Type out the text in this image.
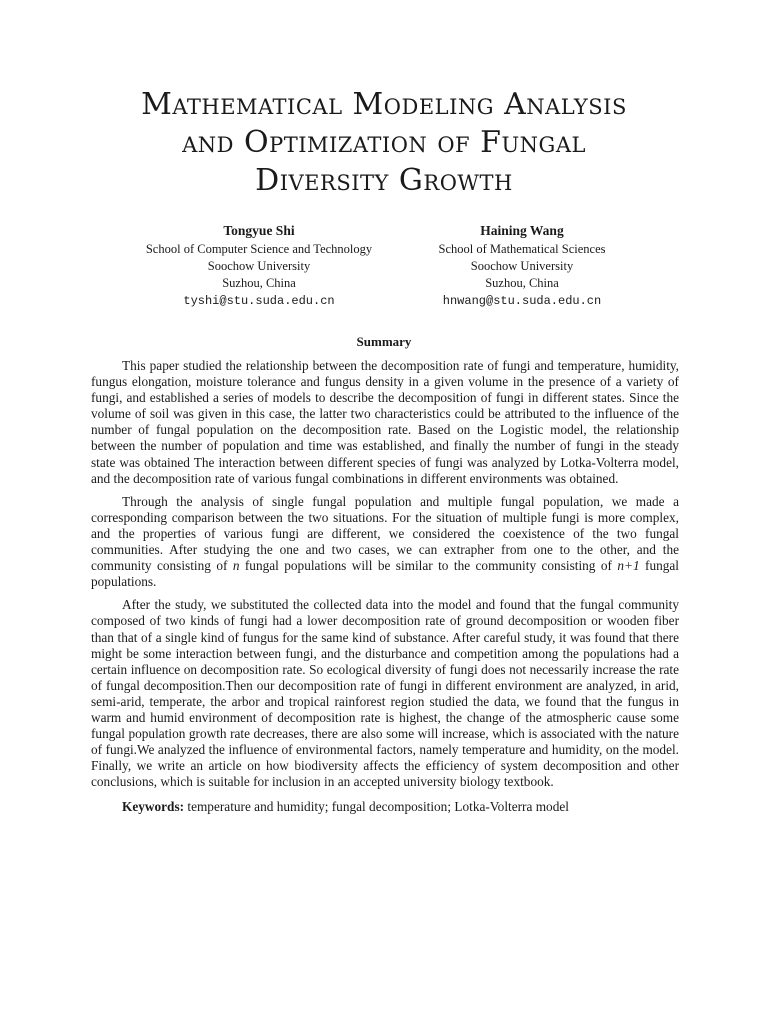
Mathematical Modeling Analysis
and Optimization of Fungal
Diversity Growth
Tongyue Shi
School of Computer Science and Technology
Soochow University
Suzhou, China
tyshi@stu.suda.edu.cn
Haining Wang
School of Mathematical Sciences
Soochow University
Suzhou, China
hnwang@stu.suda.edu.cn
Summary

This paper studied the relationship between the decomposition rate of fungi and temperature, humidity, fungus elongation, moisture tolerance and fungus density in a given volume in the presence of a variety of fungi, and established a series of models to describe the decomposition of fungi in different states. Since the volume of soil was given in this case, the latter two characteristics could be attributed to the influence of the number of fungal population on the decomposition rate. Based on the Logistic model, the relationship between the number of population and time was established, and finally the number of fungi in the steady state was obtained The interaction between different species of fungi was analyzed by Lotka-Volterra model, and the decomposition rate of various fungal combinations in different environments was obtained.

Through the analysis of single fungal population and multiple fungal population, we made a corresponding comparison between the two situations. For the situation of multiple fungi is more complex, and the properties of various fungi are different, we considered the coexistence of the two fungal communities. After studying the one and two cases, we can extrapher from one to the other, and the community consisting of n fungal populations will be similar to the community consisting of n+1 fungal populations.

After the study, we substituted the collected data into the model and found that the fungal community composed of two kinds of fungi had a lower decomposition rate of ground decomposition or wooden fiber than that of a single kind of fungus for the same kind of substance. After careful study, it was found that there might be some interaction between fungi, and the disturbance and competition among the populations had a certain influence on decomposition rate. So ecological diversity of fungi does not necessarily increase the rate of fungal decomposition.Then our decomposition rate of fungi in different environment are analyzed, in arid, semi-arid, temperate, the arbor and tropical rainforest region studied the data, we found that the fungus in warm and humid environment of decomposition rate is highest, the change of the atmospheric cause some fungal population growth rate decreases, there are also some will increase, which is associated with the nature of fungi.We analyzed the influence of environmental factors, namely temperature and humidity, on the model. Finally, we write an article on how biodiversity affects the efficiency of system decomposition and other conclusions, which is suitable for inclusion in an accepted university biology textbook.

Keywords: temperature and humidity; fungal decomposition; Lotka-Volterra model
